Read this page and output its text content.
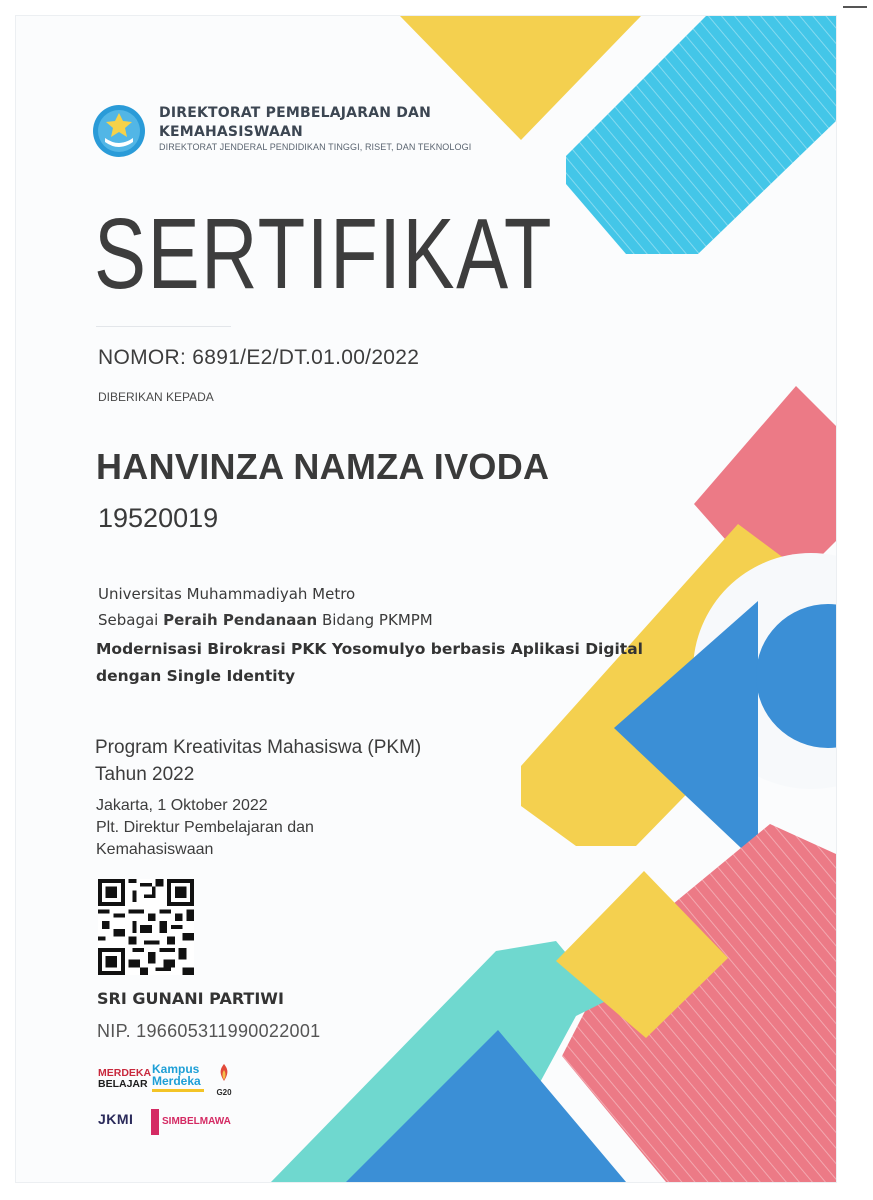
DIREKTORAT PEMBELAJARAN DAN
KEMAHASISWAAN
DIREKTORAT JENDERAL PENDIDIKAN TINGGI, RISET, DAN TEKNOLOGI
SERTIFIKAT
NOMOR: 6891/E2/DT.01.00/2022
DIBERIKAN KEPADA
HANVINZA NAMZA IVODA
19520019
Universitas Muhammadiyah Metro
Sebagai Peraih Pendanaan Bidang PKMPM
Modernisasi Birokrasi PKK Yosomulyo berbasis Aplikasi Digital dengan Single Identity
Program Kreativitas Mahasiswa (PKM)
Tahun 2022
Jakarta, 1 Oktober 2022
Plt. Direktur Pembelajaran dan Kemahasiswaan
SRI GUNANI PARTIWI
NIP. 196605311990022001
MERDEKA
BELAJAR
Kampus
Merdeka
G20
JKMI	SIMBELMAWA
